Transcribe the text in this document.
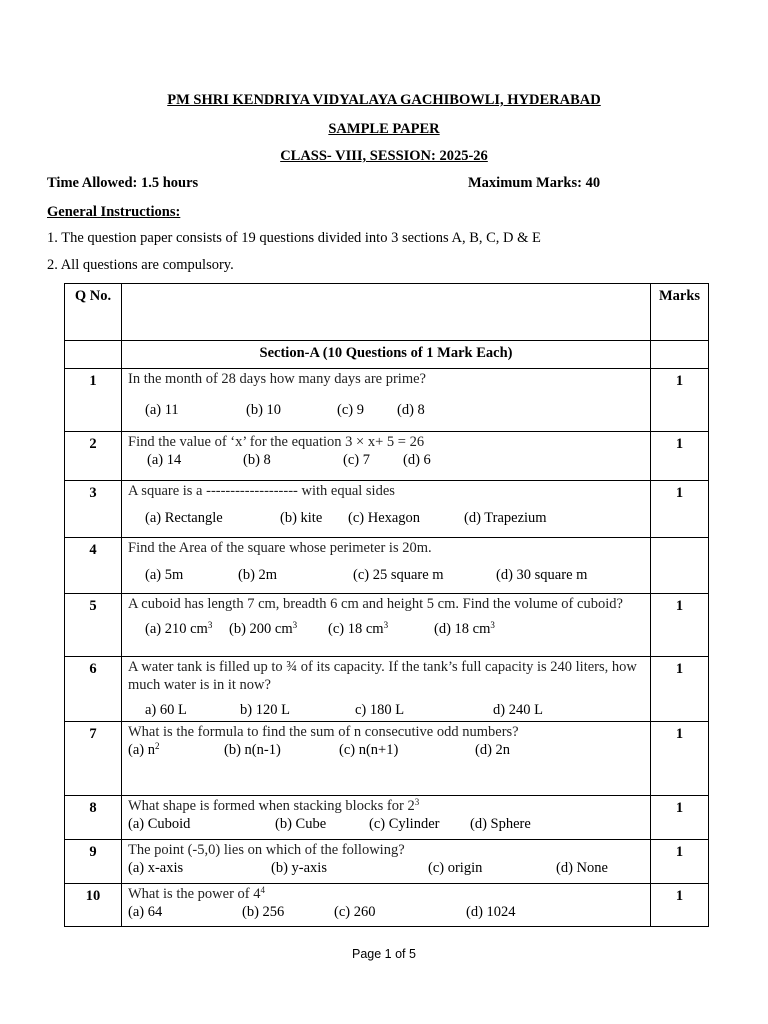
PM SHRI KENDRIYA VIDYALAYA GACHIBOWLI, HYDERABAD
SAMPLE PAPER
CLASS- VIII, SESSION: 2025-26
Time Allowed: 1.5 hours	Maximum Marks: 40
General Instructions:
1. The question paper consists of 19 questions divided into 3 sections A, B, C, D & E
2. All questions are compulsory.
Q No.		Marks
	Section-A (10 Questions of 1 Mark Each)	
1	In the month of 28 days how many days are prime?
(a) 11 (b) 10 (c) 9 (d) 8	1
2	Find the value of ‘x’ for the equation 3 × x+ 5 = 26
(a) 14 (b) 8 (c) 7 (d) 6	1
3	A square is a ------------------- with equal sides
(a) Rectangle (b) kite (c) Hexagon (d) Trapezium	1
4	Find the Area of the square whose perimeter is 20m.
(a) 5m (b) 2m (c) 25 square m (d) 30 square m	

5	A cuboid has length 7 cm, breadth 6 cm and height 5 cm. Find the volume of cuboid?
(a) 210 $cm^3$ (b) 200 $cm^3$ (c) 18 $cm^3$ (d) 18 $cm^3$	1
6	A water tank is filled up to ¾ of its capacity. If the tank’s full capacity is 240 liters, how much water is in it now?
a) 60 L b) 120 L c) 180 L d) 240 L	1
7	What is the formula to find the sum of n consecutive odd numbers?
(a) $n^2$ (b) n(n-1) (c) n(n+1) (d) 2n	1
8	What shape is formed when stacking blocks for $2^3$
(a) Cuboid (b) Cube (c) Cylinder (d) Sphere	1
9	The point (-5,0) lies on which of the following?
(a) x-axis (b) y-axis (c) origin (d) None	1
10	What is the power of $4^4$
(a) 64 (b) 256 (c) 260 (d) 1024	1
Page 1 of 5
